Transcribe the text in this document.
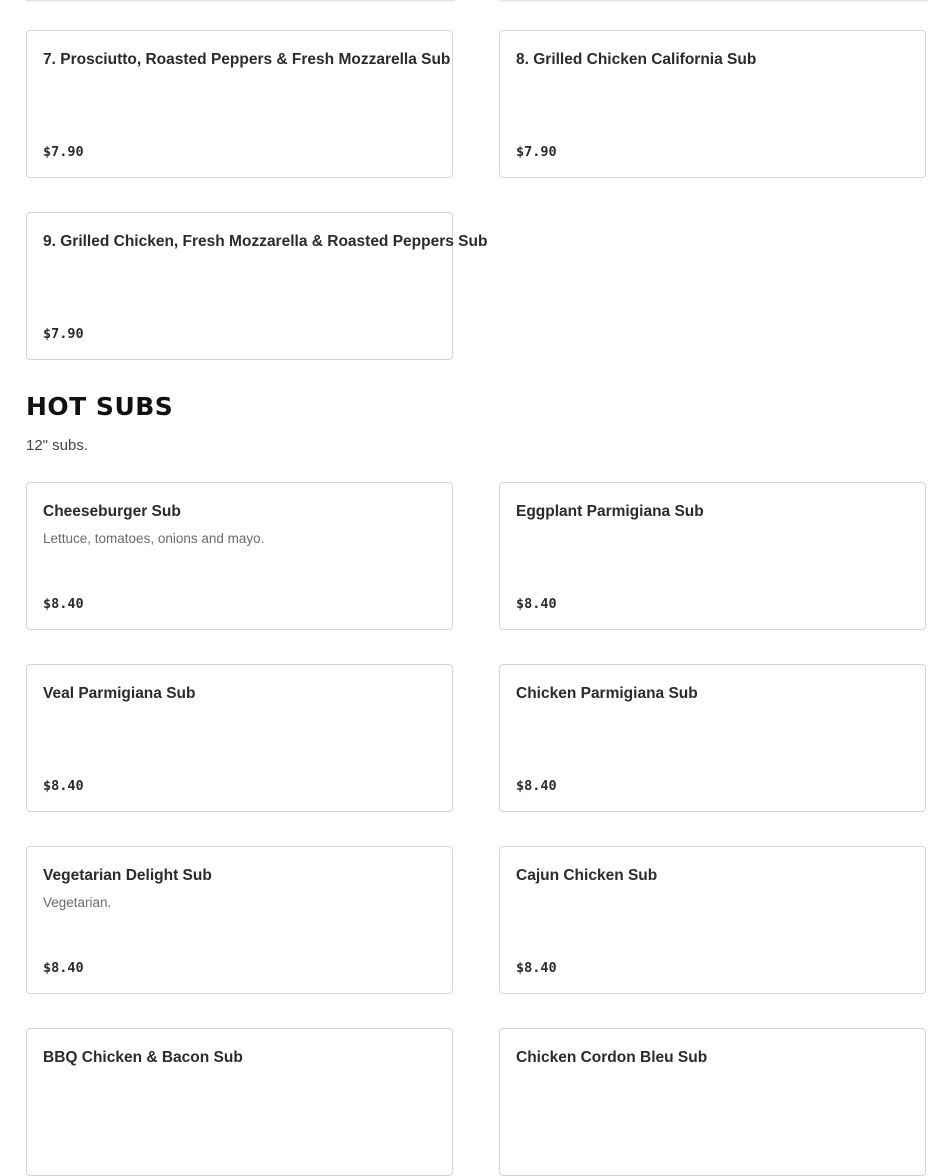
7. Prosciutto, Roasted Peppers & Fresh Mozzarella Sub
$7.90
8. Grilled Chicken California Sub
$7.90
9. Grilled Chicken, Fresh Mozzarella & Roasted Peppers Sub
$7.90
HOT SUBS

12" subs.

Cheeseburger Sub
Lettuce, tomatoes, onions and mayo.
$8.40
Eggplant Parmigiana Sub
$8.40
Veal Parmigiana Sub
$8.40
Chicken Parmigiana Sub
$8.40
Vegetarian Delight Sub
Vegetarian.
$8.40
Cajun Chicken Sub
$8.40
BBQ Chicken & Bacon Sub	Chicken Cordon Bleu Sub
